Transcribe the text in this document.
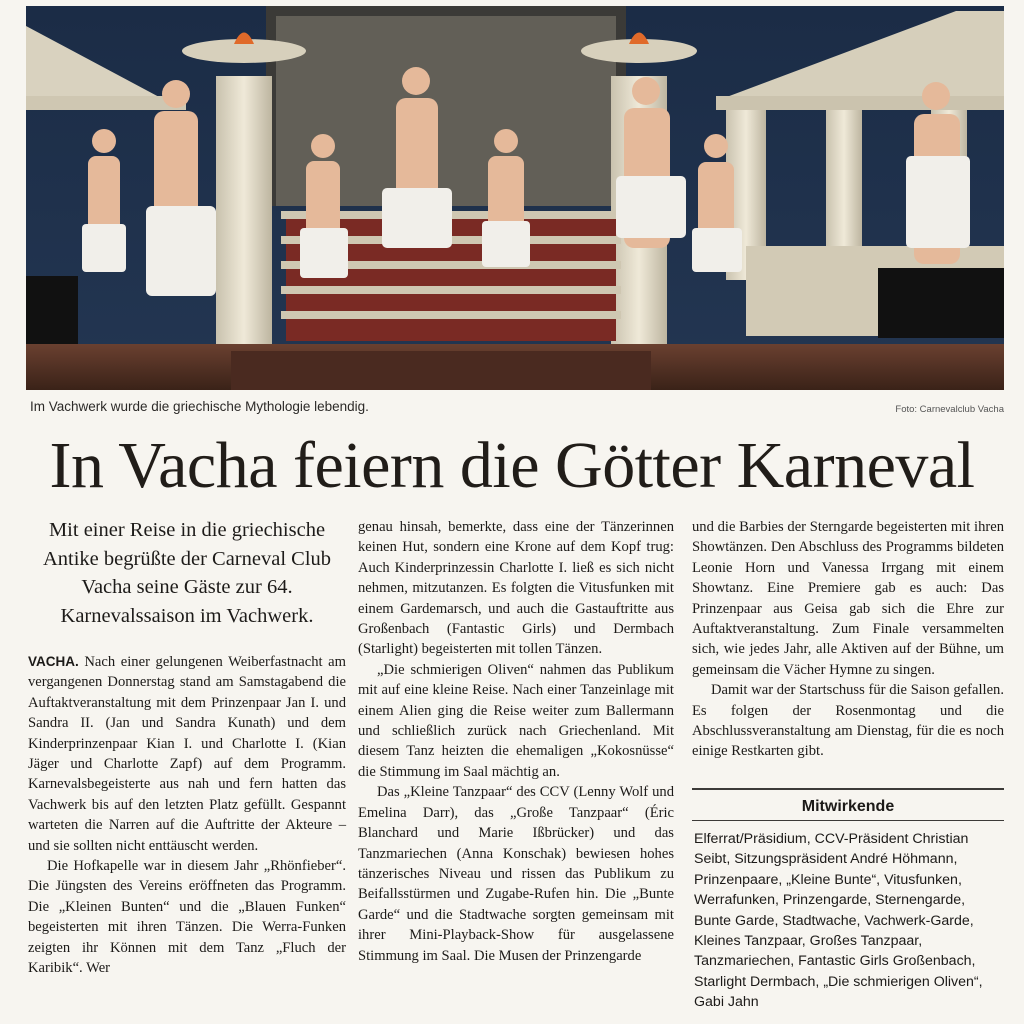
Im Vachwerk wurde die griechische Mythologie lebendig.	Foto: Carnevalclub Vacha
In Vacha feiern die Götter Karneval
Mit einer Reise in die griechische Antike begrüßte der Carneval Club Vacha seine Gäste zur 64. Karnevalssaison im Vachwerk.

VACHA. Nach einer gelungenen Weiberfastnacht am vergangenen Donnerstag stand am Samstagabend die Auftaktveranstaltung mit dem Prinzenpaar Jan I. und Sandra II. (Jan und Sandra Kunath) und dem Kinderprinzenpaar Kian I. und Charlotte I. (Kian Jäger und Charlotte Zapf) auf dem Programm. Karnevalsbegeisterte aus nah und fern hatten das Vachwerk bis auf den letzten Platz gefüllt. Gespannt warteten die Narren auf die Auftritte der Akteure – und sie sollten nicht enttäuscht werden.

Die Hofkapelle war in diesem Jahr „Rhönfieber“. Die Jüngsten des Vereins eröffneten das Programm. Die „Kleinen Bunten“ und die „Blauen Funken“ begeisterten mit ihren Tänzen. Die Werra-Funken zeigten ihr Können mit dem Tanz „Fluch der Karibik“. Wer

genau hinsah, bemerkte, dass eine der Tänzerinnen keinen Hut, sondern eine Krone auf dem Kopf trug: Auch Kinderprinzessin Charlotte I. ließ es sich nicht nehmen, mitzutanzen. Es folgten die Vitusfunken mit einem Gardemarsch, und auch die Gastauftritte aus Großenbach (Fantastic Girls) und Dermbach (Starlight) begeisterten mit tollen Tänzen.

„Die schmierigen Oliven“ nahmen das Publikum mit auf eine kleine Reise. Nach einer Tanzeinlage mit einem Alien ging die Reise weiter zum Ballermann und schließlich zurück nach Griechenland. Mit diesem Tanz heizten die ehemaligen „Kokosnüsse“ die Stimmung im Saal mächtig an.

Das „Kleine Tanzpaar“ des CCV (Lenny Wolf und Emelina Darr), das „Große Tanzpaar“ (Éric Blanchard und Marie Ißbrücker) und das Tanzmariechen (Anna Konschak) bewiesen hohes tänzerisches Niveau und rissen das Publikum zu Beifallsstürmen und Zugabe-Rufen hin. Die „Bunte Garde“ und die Stadtwache sorgten gemeinsam mit ihrer Mini-Playback-Show für ausgelassene Stimmung im Saal. Die Musen der Prinzengarde

und die Barbies der Sterngarde begeisterten mit ihren Showtänzen. Den Abschluss des Programms bildeten Leonie Horn und Vanessa Irrgang mit einem Showtanz. Eine Premiere gab es auch: Das Prinzenpaar aus Geisa gab sich die Ehre zur Auftaktveranstaltung. Zum Finale versammelten sich, wie jedes Jahr, alle Aktiven auf der Bühne, um gemeinsam die Vächer Hymne zu singen.

Damit war der Startschuss für die Saison gefallen. Es folgen der Rosenmontag und die Abschlussveranstaltung am Dienstag, für die es noch einige Restkarten gibt.

Mitwirkende
Elferrat/Präsidium, CCV-Präsident Christian Seibt, Sitzungspräsident André Höhmann, Prinzenpaare, „Kleine Bunte“, Vitusfunken, Werrafunken, Prinzengarde, Sternengarde, Bunte Garde, Stadtwache, Vachwerk-Garde, Kleines Tanzpaar, Großes Tanzpaar, Tanzmariechen, Fantastic Girls Großenbach, Starlight Dermbach, „Die schmierigen Oliven“, Gabi Jahn
